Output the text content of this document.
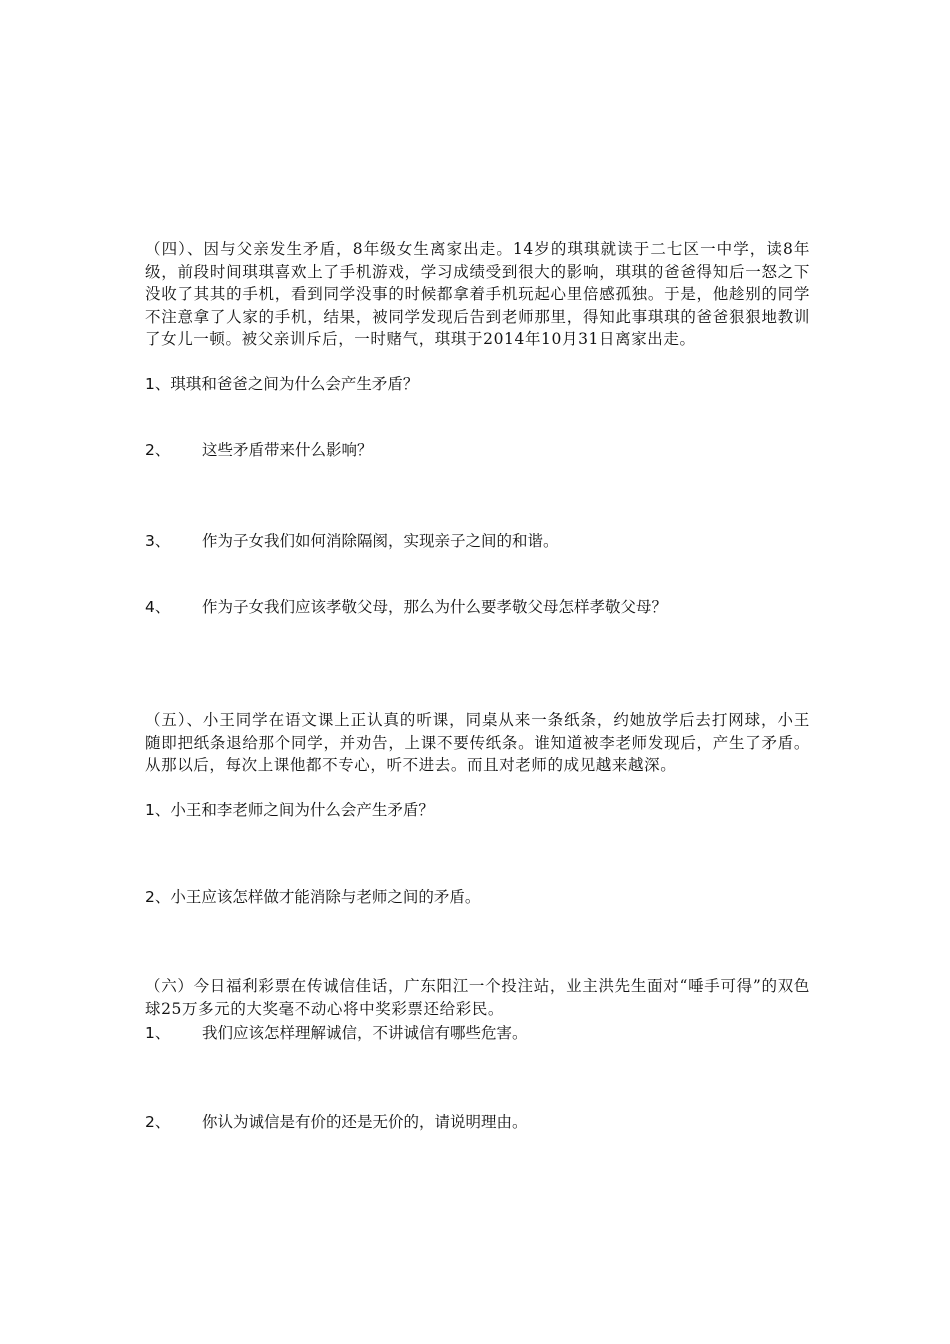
（四）、因与父亲发生矛盾，8年级女生离家出走。14岁的琪琪就读于二七区一中学，读8年级，前段时间琪琪喜欢上了手机游戏，学习成绩受到很大的影响，琪琪的爸爸得知后一怒之下没收了其其的手机，看到同学没事的时候都拿着手机玩起心里倍感孤独。于是，他趁别的同学不注意拿了人家的手机，结果，被同学发现后告到老师那里，得知此事琪琪的爸爸狠狠地教训了女儿一顿。被父亲训斥后，一时赌气，琪琪于2014年10月31日离家出走。

1、琪琪和爸爸之间为什么会产生矛盾？

2、 这些矛盾带来什么影响？

3、 作为子女我们如何消除隔阂，实现亲子之间的和谐。

4、 作为子女我们应该孝敬父母，那么为什么要孝敬父母怎样孝敬父母？

（五）、小王同学在语文课上正认真的听课，同桌从来一条纸条，约她放学后去打网球，小王随即把纸条退给那个同学，并劝告，上课不要传纸条。谁知道被李老师发现后，产生了矛盾。从那以后，每次上课他都不专心，听不进去。而且对老师的成见越来越深。

1、小王和李老师之间为什么会产生矛盾？

2、小王应该怎样做才能消除与老师之间的矛盾。

（六）今日福利彩票在传诚信佳话，广东阳江一个投注站，业主洪先生面对“唾手可得”的双色球25万多元的大奖毫不动心将中奖彩票还给彩民。

1、 我们应该怎样理解诚信，不讲诚信有哪些危害。

2、 你认为诚信是有价的还是无价的，请说明理由。
